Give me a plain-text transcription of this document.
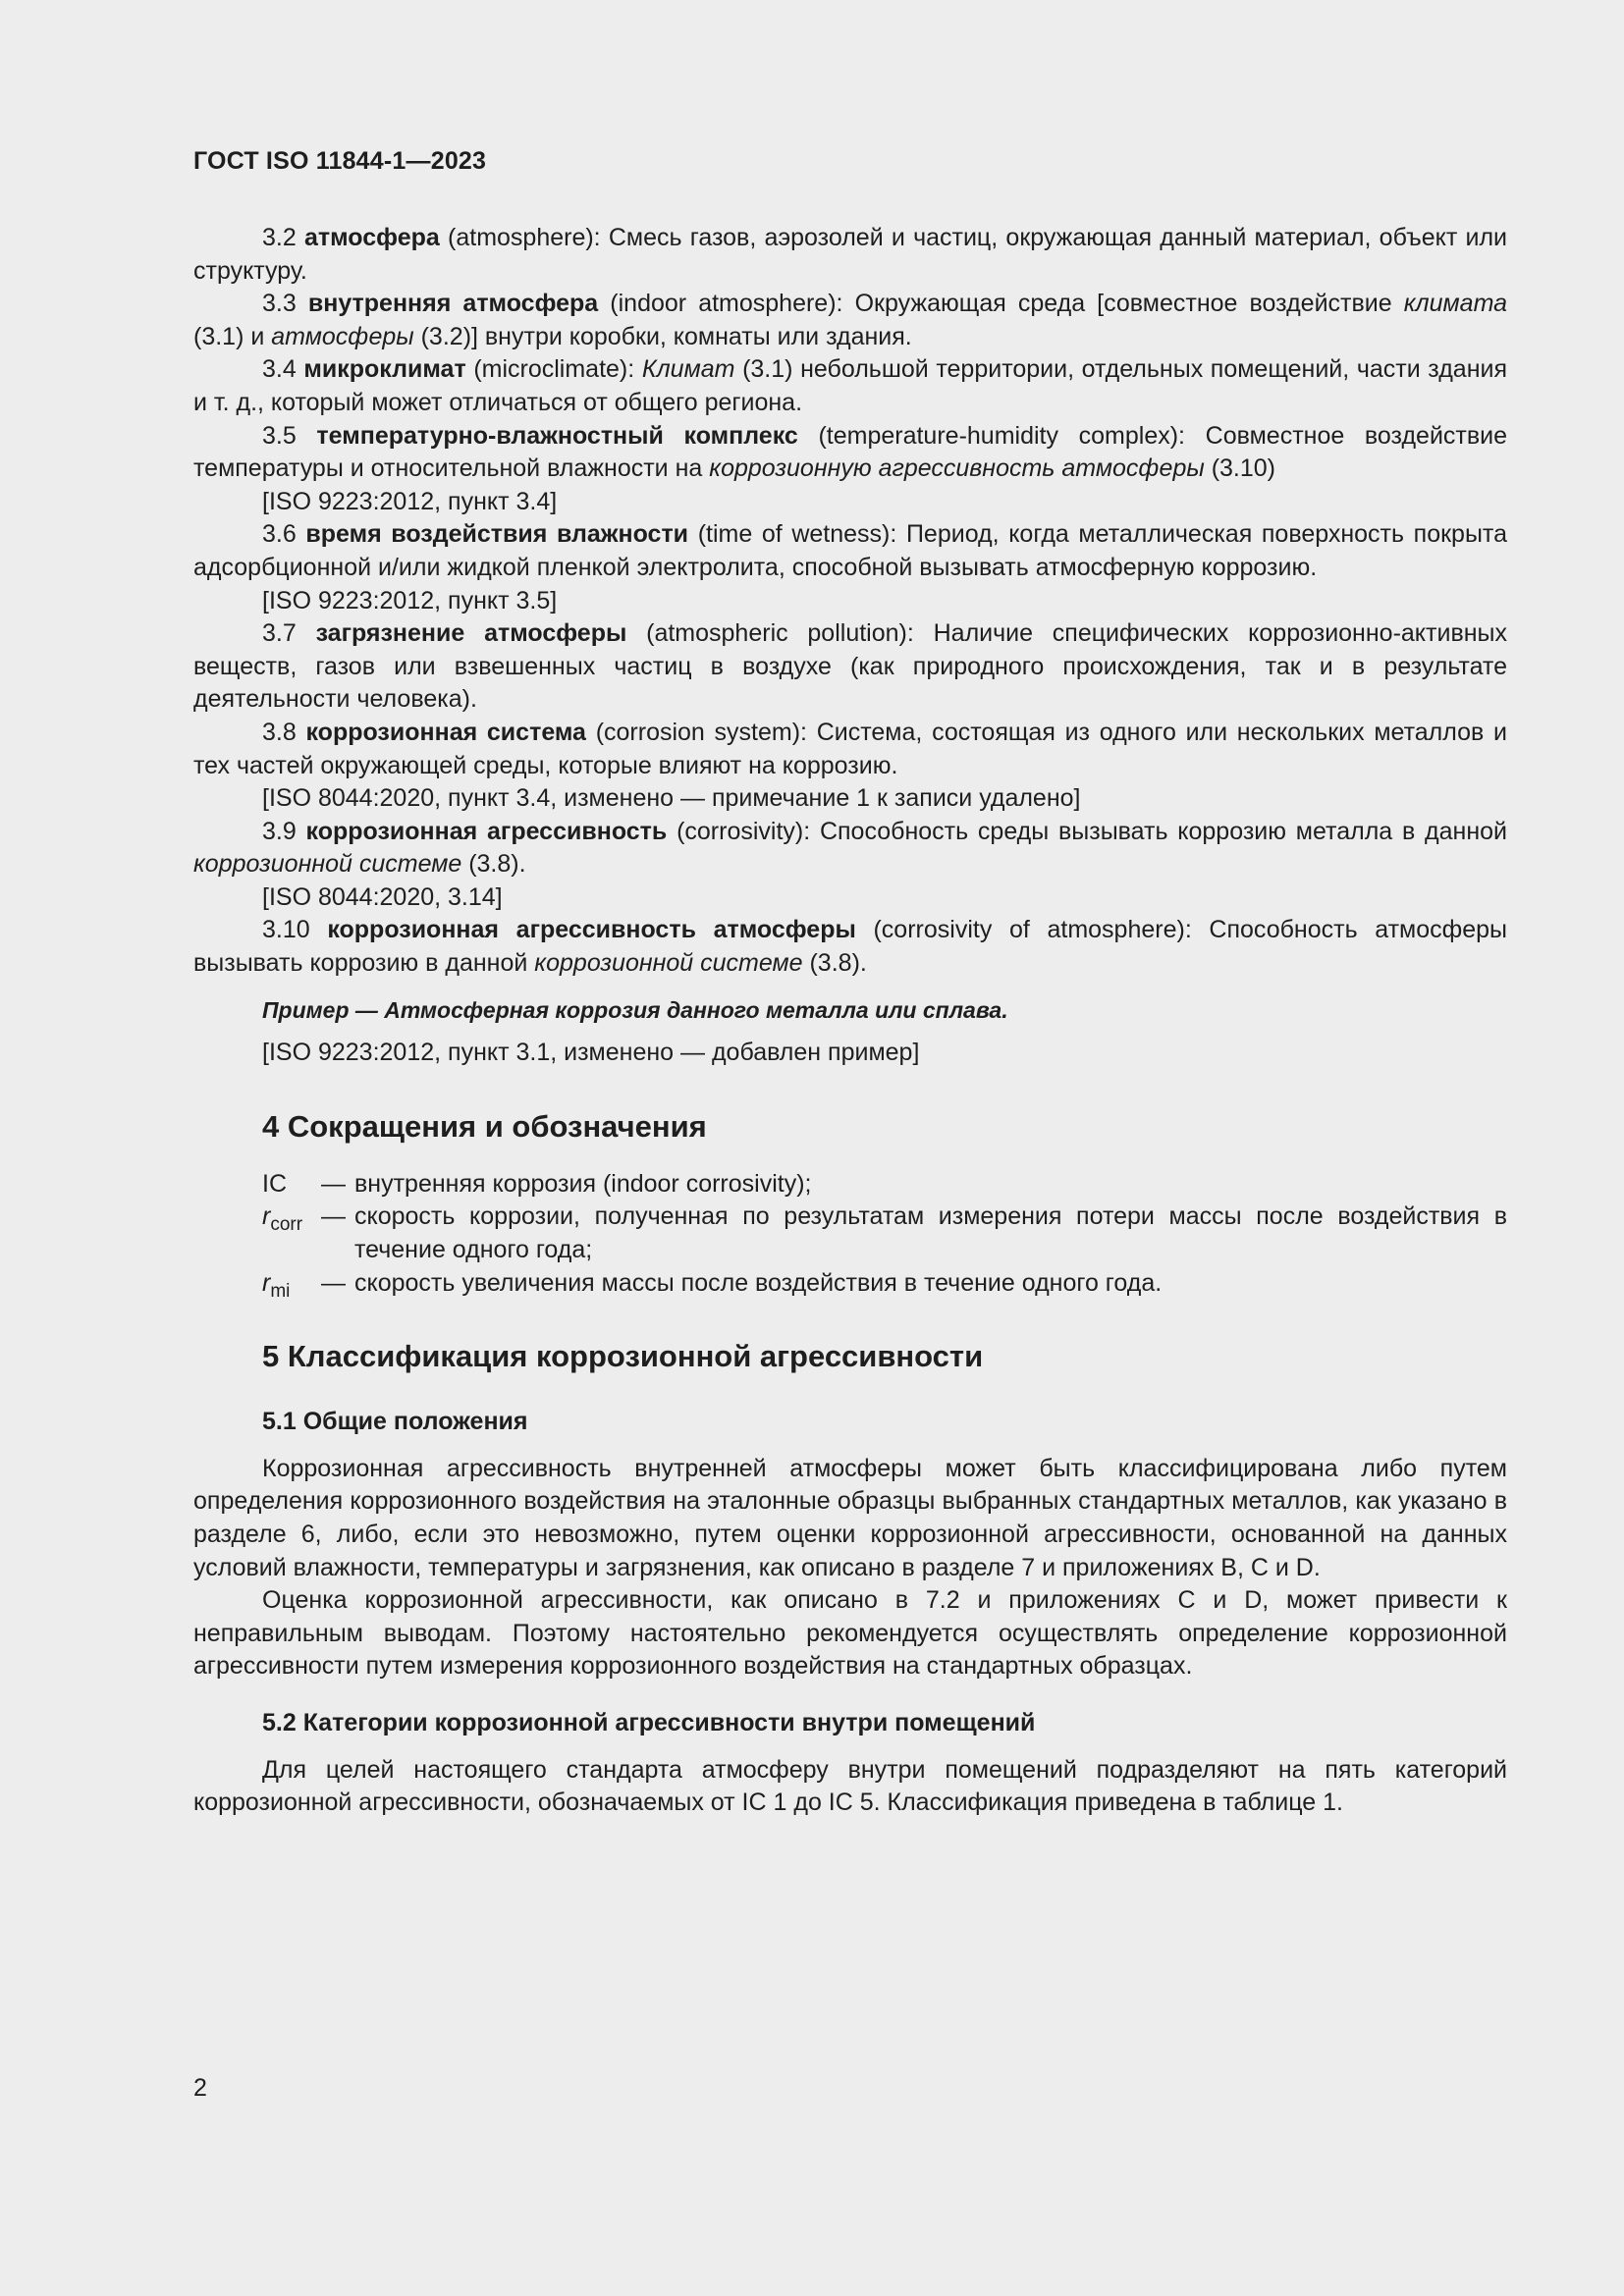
ГОСТ ISO 11844-1—2023

3.2 атмосфера (atmosphere): Смесь газов, аэрозолей и частиц, окружающая данный материал, объект или структуру.

3.3 внутренняя атмосфера (indoor atmosphere): Окружающая среда [совместное воздействие климата (3.1) и атмосферы (3.2)] внутри коробки, комнаты или здания.

3.4 микроклимат (microclimate): Климат (3.1) небольшой территории, отдельных помещений, части здания и т. д., который может отличаться от общего региона.

3.5 температурно-влажностный комплекс (temperature-humidity complex): Совместное воздействие температуры и относительной влажности на коррозионную агрессивность атмосферы (3.10)

[ISO 9223:2012, пункт 3.4]

3.6 время воздействия влажности (time of wetness): Период, когда металлическая поверхность покрыта адсорбционной и/или жидкой пленкой электролита, способной вызывать атмосферную коррозию.

[ISO 9223:2012, пункт 3.5]

3.7 загрязнение атмосферы (atmospheric pollution): Наличие специфических коррозионно-активных веществ, газов или взвешенных частиц в воздухе (как природного происхождения, так и в результате деятельности человека).

3.8 коррозионная система (corrosion system): Система, состоящая из одного или нескольких металлов и тех частей окружающей среды, которые влияют на коррозию.

[ISO 8044:2020, пункт 3.4, изменено — примечание 1 к записи удалено]

3.9 коррозионная агрессивность (corrosivity): Способность среды вызывать коррозию металла в данной коррозионной системе (3.8).

[ISO 8044:2020, 3.14]

3.10 коррозионная агрессивность атмосферы (corrosivity of atmosphere): Способность атмосферы вызывать коррозию в данной коррозионной системе (3.8).

Пример — Атмосферная коррозия данного металла или сплава.

[ISO 9223:2012, пункт 3.1, изменено — добавлен пример]

4 Сокращения и обозначения
IC	— внутренняя коррозия (indoor corrosivity);
$r_{corr}$ — скорость коррозии, полученная по результатам измерения потери массы после воздействия в течение одного года;
$r_{mi}$	— скорость увеличения массы после воздействия в течение одного года.
5 Классификация коррозионной агрессивности
5.1 Общие положения

Коррозионная агрессивность внутренней атмосферы может быть классифицирована либо путем определения коррозионного воздействия на эталонные образцы выбранных стандартных металлов, как указано в разделе 6, либо, если это невозможно, путем оценки коррозионной агрессивности, основанной на данных условий влажности, температуры и загрязнения, как описано в разделе 7 и приложениях B, C и D.

Оценка коррозионной агрессивности, как описано в 7.2 и приложениях C и D, может привести к неправильным выводам. Поэтому настоятельно рекомендуется осуществлять определение коррозионной агрессивности путем измерения коррозионного воздействия на стандартных образцах.

5.2 Категории коррозионной агрессивности внутри помещений

Для целей настоящего стандарта атмосферу внутри помещений подразделяют на пять категорий коррозионной агрессивности, обозначаемых от IC 1 до IC 5. Классификация приведена в таблице 1.

2
